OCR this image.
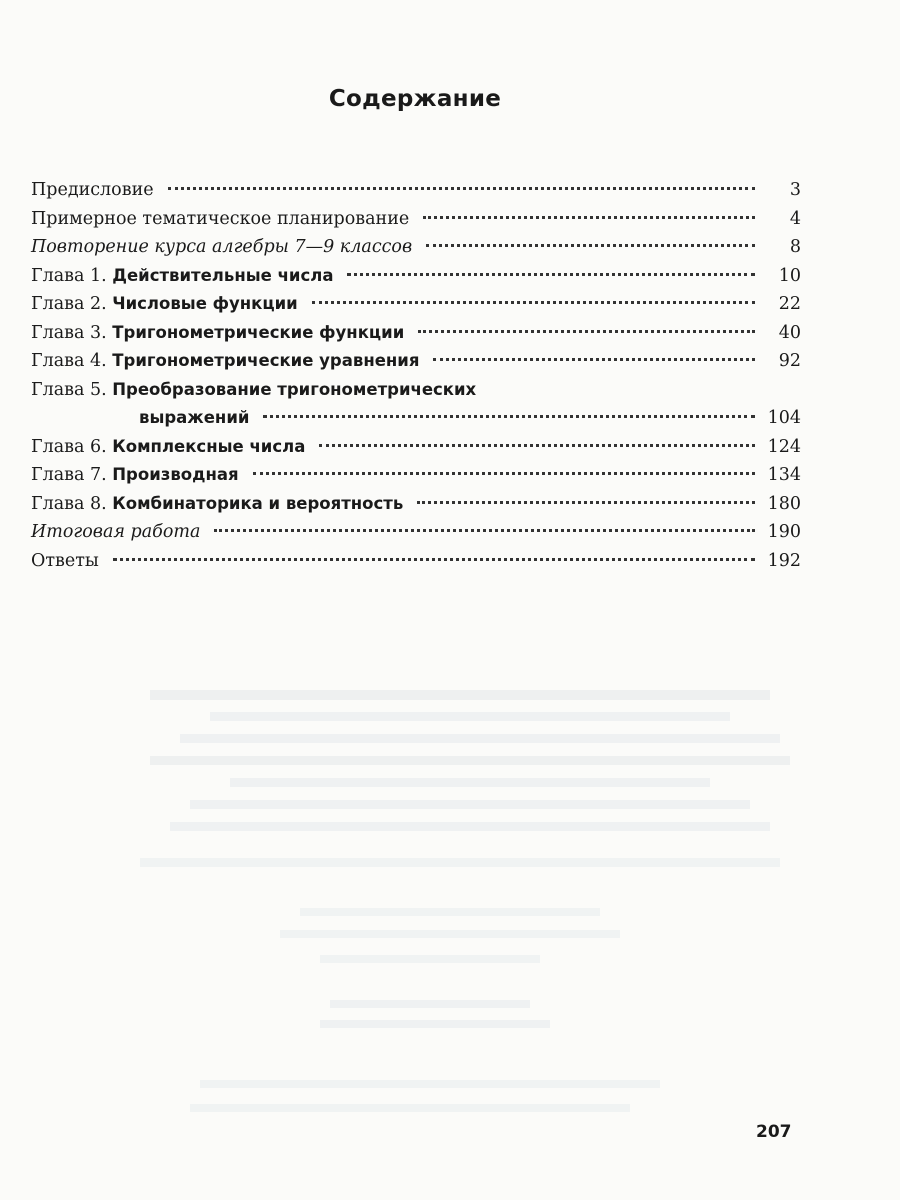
Содержание
Предисловие	3
Примерное тематическое планирование	4
Повторение курса алгебры 7—9 классов	8
Глава 1. Действительные числа	10
Глава 2. Числовые функции	22
Глава 3. Тригонометрические функции	40
Глава 4. Тригонометрические уравнения	92
Глава 5. Преобразование тригонометрических
выражений	104
Глава 6. Комплексные числа	124
Глава 7. Производная	134
Глава 8. Комбинаторика и вероятность	180
Итоговая работа	190
Ответы	192
207
